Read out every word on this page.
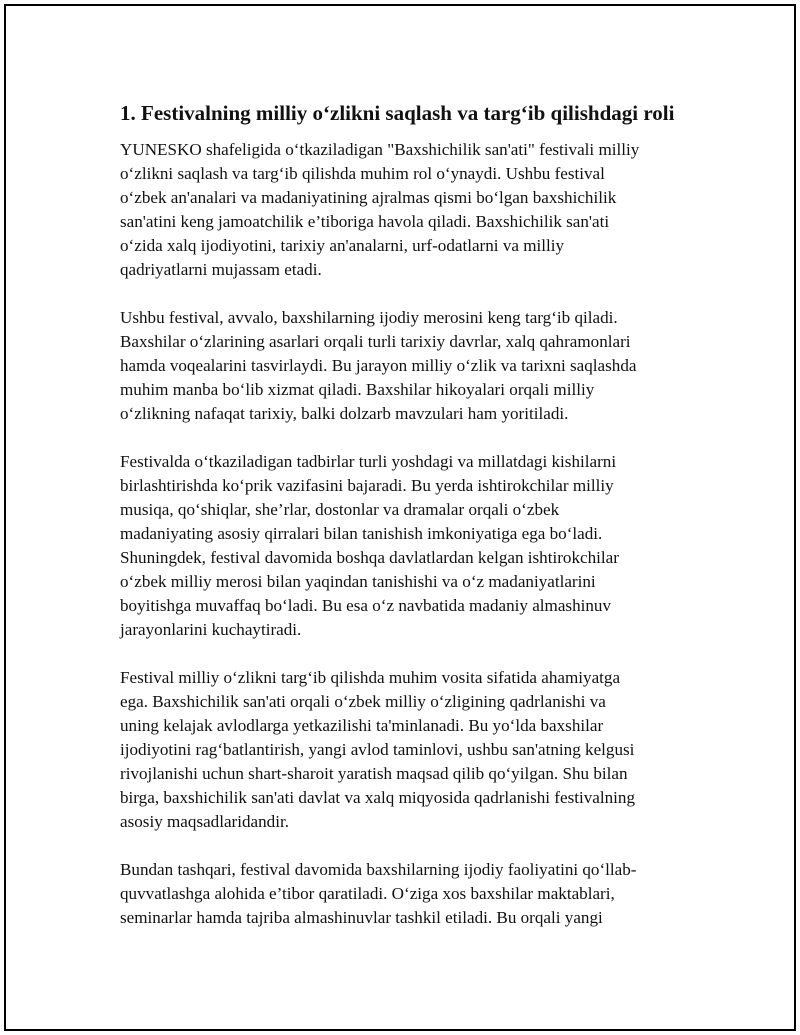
1. Festivalning milliy o‘zlikni saqlash va targ‘ib qilishdagi roli

YUNESKO shafeligida o‘tkaziladigan "Baxshichilik san'ati" festivali milliy
o‘zlikni saqlash va targ‘ib qilishda muhim rol o‘ynaydi. Ushbu festival
o‘zbek an'analari va madaniyatining ajralmas qismi bo‘lgan baxshichilik
san'atini keng jamoatchilik e’tiboriga havola qiladi. Baxshichilik san'ati
o‘zida xalq ijodiyotini, tarixiy an'analarni, urf-odatlarni va milliy
qadriyatlarni mujassam etadi.

Ushbu festival, avvalo, baxshilarning ijodiy merosini keng targ‘ib qiladi.
Baxshilar o‘zlarining asarlari orqali turli tarixiy davrlar, xalq qahramonlari
hamda voqealarini tasvirlaydi. Bu jarayon milliy o‘zlik va tarixni saqlashda
muhim manba bo‘lib xizmat qiladi. Baxshilar hikoyalari orqali milliy
o‘zlikning nafaqat tarixiy, balki dolzarb mavzulari ham yoritiladi.

Festivalda o‘tkaziladigan tadbirlar turli yoshdagi va millatdagi kishilarni
birlashtirishda ko‘prik vazifasini bajaradi. Bu yerda ishtirokchilar milliy
musiqa, qo‘shiqlar, she’rlar, dostonlar va dramalar orqali o‘zbek
madaniyating asosiy qirralari bilan tanishish imkoniyatiga ega bo‘ladi.
Shuningdek, festival davomida boshqa davlatlardan kelgan ishtirokchilar
o‘zbek milliy merosi bilan yaqindan tanishishi va o‘z madaniyatlarini
boyitishga muvaffaq bo‘ladi. Bu esa o‘z navbatida madaniy almashinuv
jarayonlarini kuchaytiradi.

Festival milliy o‘zlikni targ‘ib qilishda muhim vosita sifatida ahamiyatga
ega. Baxshichilik san'ati orqali o‘zbek milliy o‘zligining qadrlanishi va
uning kelajak avlodlarga yetkazilishi ta'minlanadi. Bu yo‘lda baxshilar
ijodiyotini rag‘batlantirish, yangi avlod taminlovi, ushbu san'atning kelgusi
rivojlanishi uchun shart-sharoit yaratish maqsad qilib qo‘yilgan. Shu bilan
birga, baxshichilik san'ati davlat va xalq miqyosida qadrlanishi festivalning
asosiy maqsadlaridandir.

Bundan tashqari, festival davomida baxshilarning ijodiy faoliyatini qo‘llab-
quvvatlashga alohida e’tibor qaratiladi. O‘ziga xos baxshilar maktablari,
seminarlar hamda tajriba almashinuvlar tashkil etiladi. Bu orqali yangi
